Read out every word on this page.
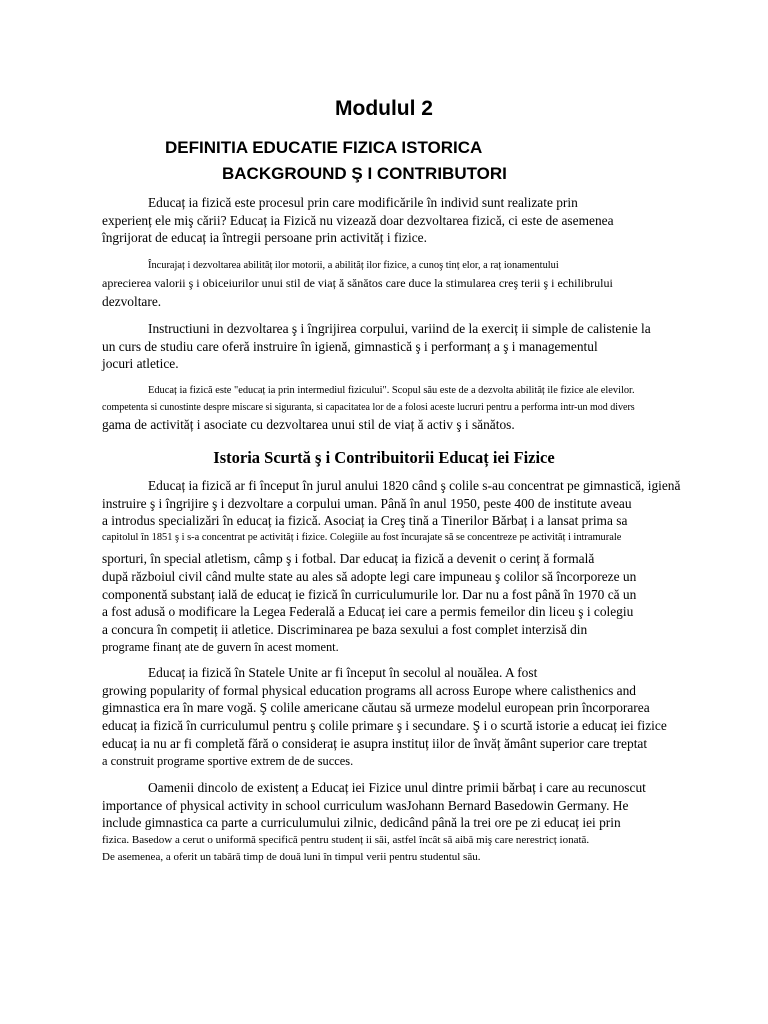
Modulul 2
DEFINITIA EDUCATIE FIZICA ISTORICA
BACKGROUND Ş I CONTRIBUTORI
Educaț ia fizică este procesul prin care modificările în individ sunt realizate prin
experienț ele miş cării? Educaț ia Fizică nu vizează doar dezvoltarea fizică, ci este de asemenea
îngrijorat de educaț ia întregii persoane prin activităț i fizice.
Încurajaț i dezvoltarea abilităț ilor motorii, a abilităț ilor fizice, a cunoş tinț elor, a raț ionamentului
aprecierea valorii ş i obiceiurilor unui stil de viaț ă sănătos care duce la stimularea creş terii ş i echilibrului
dezvoltare.
Instructiuni in dezvoltarea ş i îngrijirea corpului, variind de la exerciț ii simple de calistenie la
un curs de studiu care oferă instruire în igienă, gimnastică ş i performanț a ş i managementul
jocuri atletice.
Educaț ia fizică este "educaț ia prin intermediul fizicului". Scopul său este de a dezvolta abilităț ile fizice ale elevilor.
competenta si cunostinte despre miscare si siguranta, si capacitatea lor de a folosi aceste lucruri pentru a performa intr-un mod divers
gama de activităț i asociate cu dezvoltarea unui stil de viaț ă activ ş i sănătos.
Istoria Scurtă ş i Contribuitorii Educaț iei Fizice
Educaț ia fizică ar fi început în jurul anului 1820 când ş colile s-au concentrat pe gimnastică, igienă
instruire ş i îngrijire ş i dezvoltare a corpului uman. Până în anul 1950, peste 400 de institute aveau
a introdus specializări în educaț ia fizică. Asociaț ia Creş tină a Tinerilor Bărbaț i a lansat prima sa
capitolul în 1851 ş i s-a concentrat pe activităț i fizice. Colegiile au fost încurajate să se concentreze pe activităț i intramurale
sporturi, în special atletism, câmp ş i fotbal. Dar educaț ia fizică a devenit o cerinț ă formală
după războiul civil când multe state au ales să adopte legi care impuneau ş colilor să încorporeze un
componentă substanț ială de educaț ie fizică în curriculumurile lor. Dar nu a fost până în 1970 că un
a fost adusă o modificare la Legea Federală a Educaț iei care a permis femeilor din liceu ş i colegiu
a concura în competiț ii atletice. Discriminarea pe baza sexului a fost complet interzisă din
programe finanț ate de guvern în acest moment.
Educaț ia fizică în Statele Unite ar fi început în secolul al nouălea. A fost
growing popularity of formal physical education programs all across Europe where calisthenics and
gimnastica era în mare vogă. Ş colile americane căutau să urmeze modelul european prin încorporarea
educaț ia fizică în curriculumul pentru ş colile primare ş i secundare. Ş i o scurtă istorie a educaț iei fizice
educaț ia nu ar fi completă fără o consideraț ie asupra instituț iilor de învăț ământ superior care treptat
a construit programe sportive extrem de de succes.
Oamenii dincolo de existenț a Educaț iei Fizice unul dintre primii bărbaț i care au recunoscut
importance of physical activity in school curriculum wasJohann Bernard Basedowin Germany. He
include gimnastica ca parte a curriculumului zilnic, dedicând până la trei ore pe zi educaț iei prin
fizica. Basedow a cerut o uniformă specifică pentru studenț ii săi, astfel încât să aibă miş care nerestricț ionată.
De asemenea, a oferit un tabără timp de două luni în timpul verii pentru studentul său.
